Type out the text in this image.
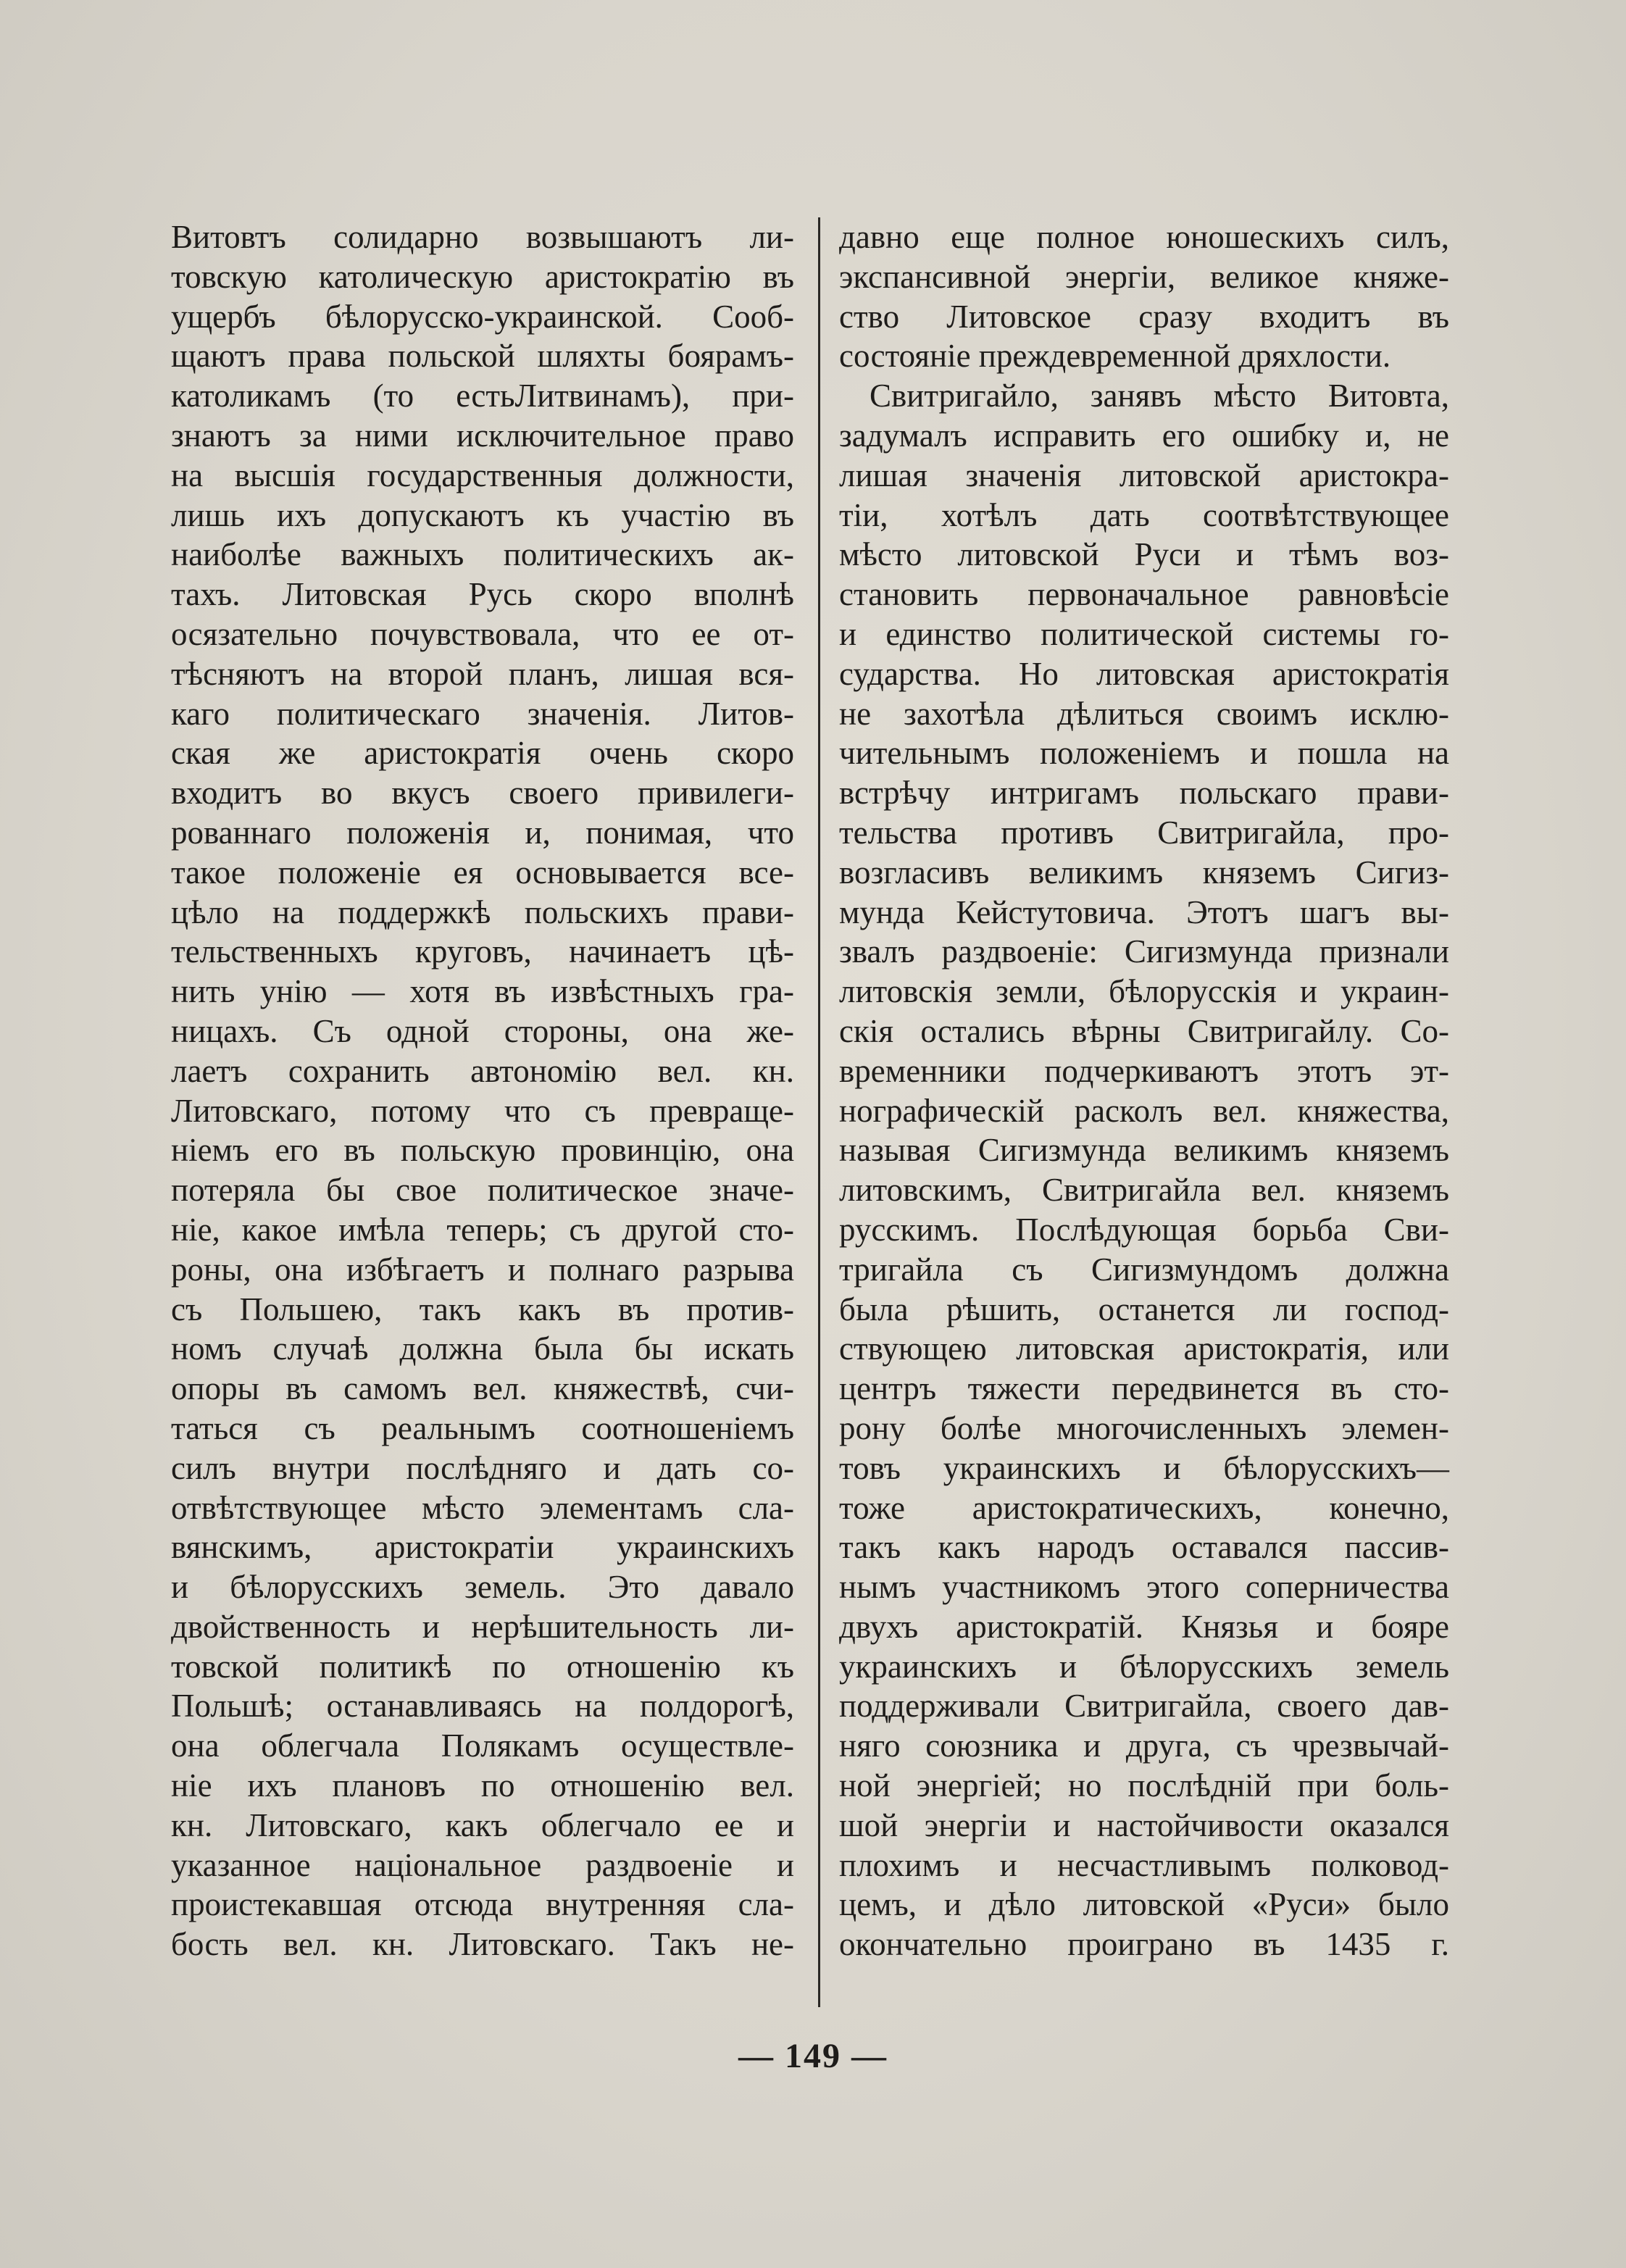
Витовтъ солидарно возвышаютъ ли-
товскую католическую аристократію въ
ущербъ бѣлорусско-украинской. Сооб-
щаютъ права польской шляхты боярамъ-
католикамъ (то естьЛитвинамъ), при-
знаютъ за ними исключительное право
на высшія государственныя должности,
лишь ихъ допускаютъ къ участію въ
наиболѣе важныхъ политическихъ ак-
тахъ. Литовская Русь скоро вполнѣ
осязательно почувствовала, что ее от-
тѣсняютъ на второй планъ, лишая вся-
каго политическаго значенія. Литов-
ская же аристократія очень скоро
входитъ во вкусъ своего привилеги-
рованнаго положенія и, понимая, что
такое положеніе ея основывается все-
цѣло на поддержкѣ польскихъ прави-
тельственныхъ круговъ, начинаетъ цѣ-
нить унію — хотя въ извѣстныхъ гра-
ницахъ. Съ одной стороны, она же-
лаетъ сохранить автономію вел. кн.
Литовскаго, потому что съ превраще-
ніемъ его въ польскую провинцію, она
потеряла бы свое политическое значе-
ніе, какое имѣла теперь; съ другой сто-
роны, она избѣгаетъ и полнаго разрыва
съ Польшею, такъ какъ въ против-
номъ случаѣ должна была бы искать
опоры въ самомъ вел. княжествѣ, счи-
таться съ реальнымъ соотношеніемъ
силъ внутри послѣдняго и дать со-
отвѣтствующее мѣсто элементамъ сла-
вянскимъ, аристократіи украинскихъ
и бѣлорусскихъ земель. Это давало
двойственность и нерѣшительность ли-
товской политикѣ по отношенію къ
Польшѣ; останавливаясь на полдорогѣ,
она облегчала Полякамъ осуществле-
ніе ихъ плановъ по отношенію вел.
кн. Литовскаго, какъ облегчало ее и
указанное національное раздвоеніе и
проистекавшая отсюда внутренняя сла-
бость вел. кн. Литовскаго. Такъ не-
давно еще полное юношескихъ силъ,
экспансивной энергіи, великое княже-
ство Литовское сразу входитъ въ
состояніе преждевременной дряхлости.
Свитригайло, занявъ мѣсто Витовта,
задумалъ исправить его ошибку и, не
лишая значенія литовской аристокра-
тіи, хотѣлъ дать соотвѣтствующее
мѣсто литовской Руси и тѣмъ воз-
становить первоначальное равновѣсіе
и единство политической системы го-
сударства. Но литовская аристократія
не захотѣла дѣлиться своимъ исклю-
чительнымъ положеніемъ и пошла на
встрѣчу интригамъ польскаго прави-
тельства противъ Свитригайла, про-
возгласивъ великимъ княземъ Сигиз-
мунда Кейстутовича. Этотъ шагъ вы-
звалъ раздвоеніе: Сигизмунда признали
литовскія земли, бѣлорусскія и украин-
скія остались вѣрны Свитригайлу. Со-
временники подчеркиваютъ этотъ эт-
нографическій расколъ вел. княжества,
называя Сигизмунда великимъ княземъ
литовскимъ, Свитригайла вел. княземъ
русскимъ. Послѣдующая борьба Сви-
тригайла съ Сигизмундомъ должна
была рѣшить, останется ли господ-
ствующею литовская аристократія, или
центръ тяжести передвинется въ сто-
рону болѣе многочисленныхъ элемен-
товъ украинскихъ и бѣлорусскихъ—
тоже аристократическихъ, конечно,
такъ какъ народъ оставался пассив-
нымъ участникомъ этого соперничества
двухъ аристократій. Князья и бояре
украинскихъ и бѣлорусскихъ земель
поддерживали Свитригайла, своего дав-
няго союзника и друга, съ чрезвычай-
ной энергіей; но послѣдній при боль-
шой энергіи и настойчивости оказался
плохимъ и несчастливымъ полковод-
цемъ, и дѣло литовской «Руси» было
окончательно проиграно въ 1435 г.
— 149 —
